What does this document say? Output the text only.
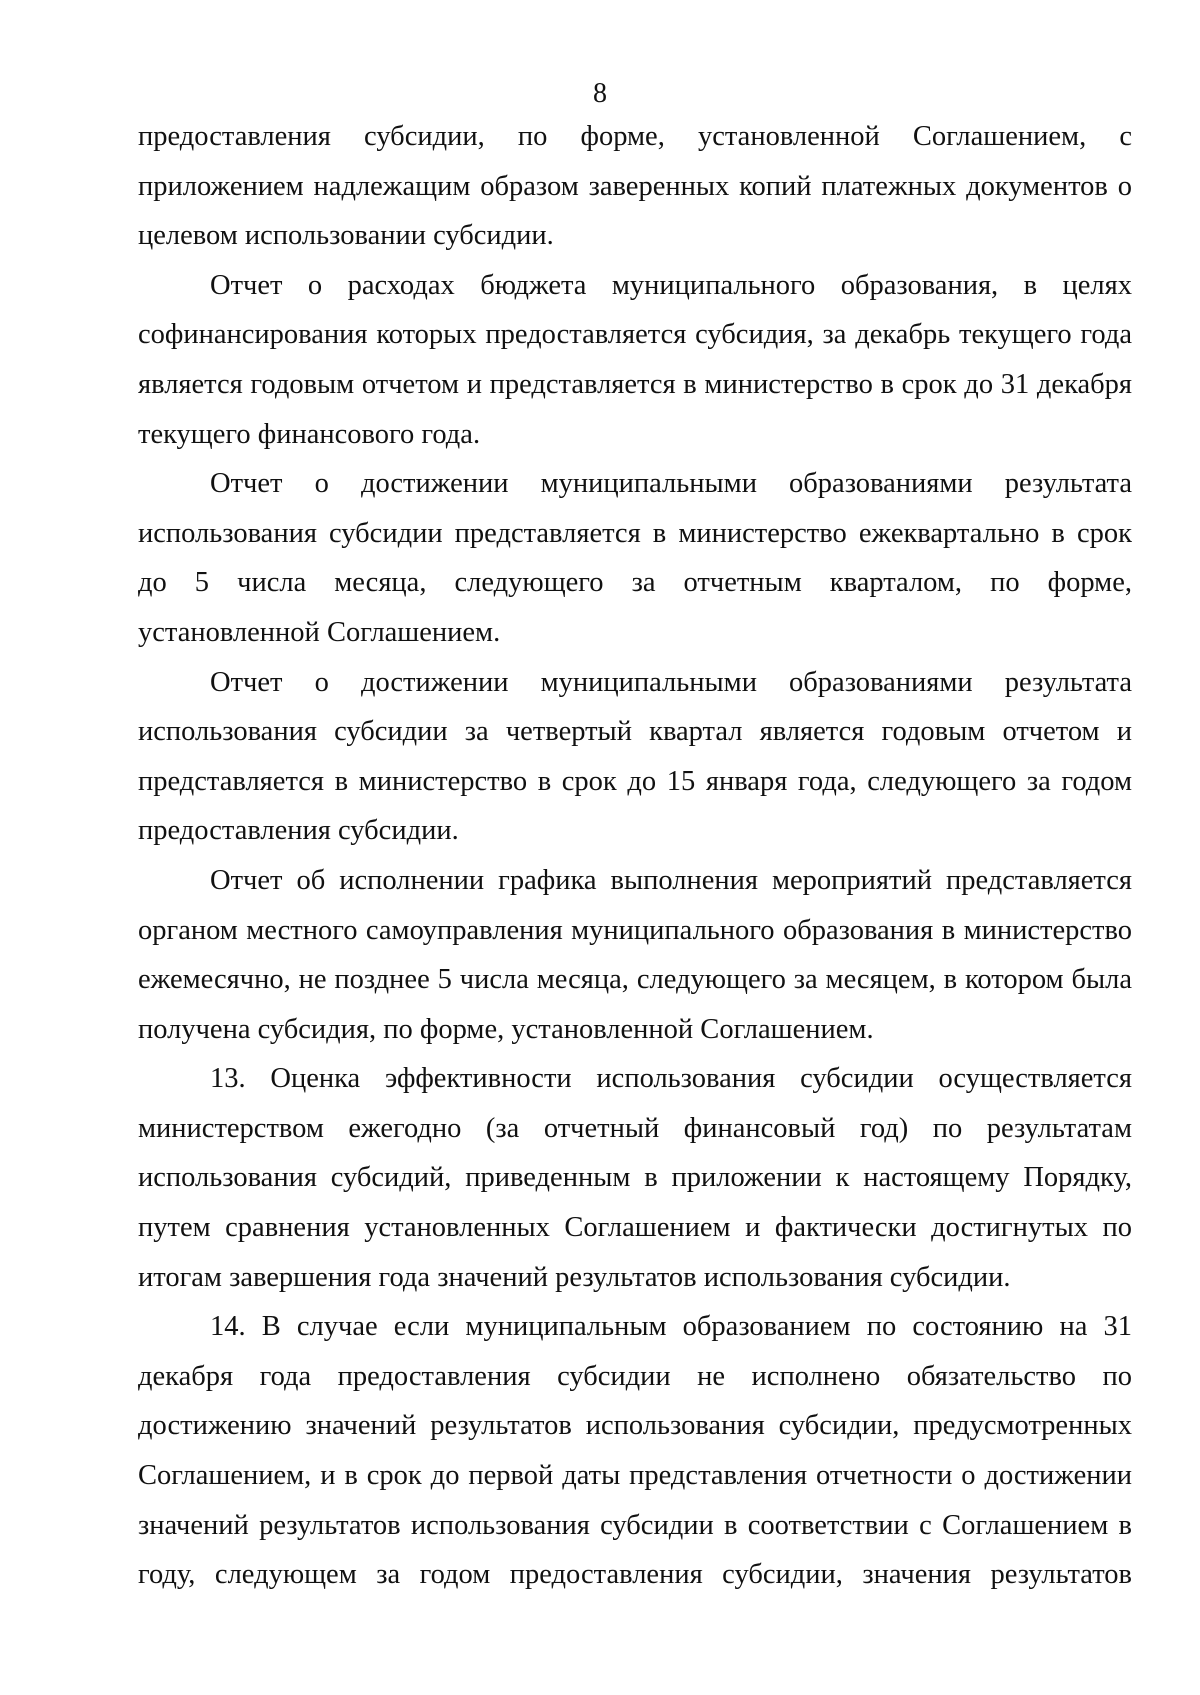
8

предоставления субсидии, по форме, установленной Соглашением, с приложением надлежащим образом заверенных копий платежных документов о целевом использовании субсидии.

Отчет о расходах бюджета муниципального образования, в целях софинансирования которых предоставляется субсидия, за декабрь текущего года является годовым отчетом и представляется в министерство в срок до 31 декабря текущего финансового года.

Отчет о достижении муниципальными образованиями результата использования субсидии представляется в министерство ежеквартально в срок до 5 числа месяца, следующего за отчетным кварталом, по форме, установленной Соглашением.

Отчет о достижении муниципальными образованиями результата использования субсидии за четвертый квартал является годовым отчетом и представляется в министерство в срок до 15 января года, следующего за годом предоставления субсидии.

Отчет об исполнении графика выполнения мероприятий представляется органом местного самоуправления муниципального образования в министерство ежемесячно, не позднее 5 числа месяца, следующего за месяцем, в котором была получена субсидия, по форме, установленной Соглашением.

13. Оценка эффективности использования субсидии осуществляется министерством ежегодно (за отчетный финансовый год) по результатам использования субсидий, приведенным в приложении к настоящему Порядку, путем сравнения установленных Соглашением и фактически достигнутых по итогам завершения года значений результатов использования субсидии.

14. В случае если муниципальным образованием по состоянию на 31 декабря года предоставления субсидии не исполнено обязательство по достижению значений результатов использования субсидии, предусмотренных Соглашением, и в срок до первой даты представления отчетности о достижении значений результатов использования субсидии в соответствии с Соглашением в году, следующем за годом предоставления субсидии, значения результатов
